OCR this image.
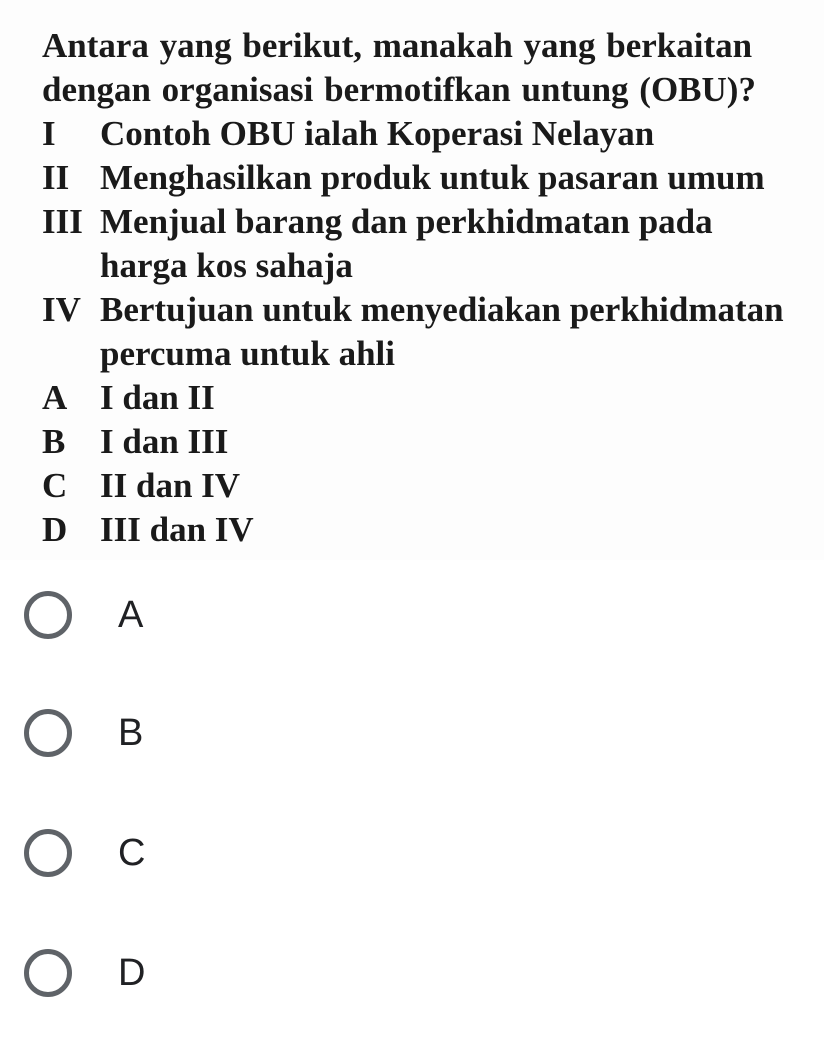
Antara yang berikut, manakah yang berkaitan
dengan organisasi bermotifkan untung (OBU)?
I	Contoh OBU ialah Koperasi Nelayan
II Menghasilkan produk untuk pasaran umum
III Menjual barang dan perkhidmatan pada
harga kos sahaja
IV Bertujuan untuk menyediakan perkhidmatan
percuma untuk ahli
A I dan II
B I dan III
C II dan IV
D III dan IV
A
B
C
D
